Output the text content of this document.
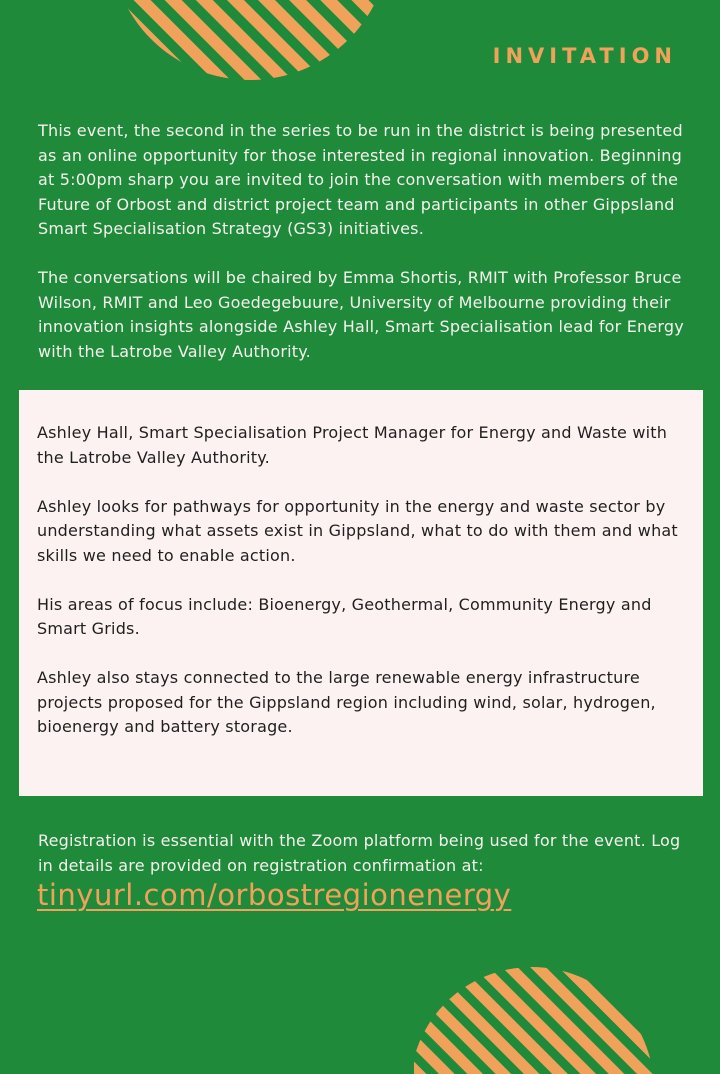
INVITATION

This event, the second in the series to be run in the district is being presented as an online opportunity for those interested in regional innovation. Beginning at 5:00pm sharp you are invited to join the conversation with members of the Future of Orbost and district project team and participants in other Gippsland Smart Specialisation Strategy (GS3) initiatives.

The conversations will be chaired by Emma Shortis, RMIT with Professor Bruce Wilson, RMIT and Leo Goedegebuure, University of Melbourne providing their innovation insights alongside Ashley Hall, Smart Specialisation lead for Energy with the Latrobe Valley Authority.

Ashley Hall, Smart Specialisation Project Manager for Energy and Waste with the Latrobe Valley Authority.

Ashley looks for pathways for opportunity in the energy and waste sector by understanding what assets exist in Gippsland, what to do with them and what skills we need to enable action.

His areas of focus include: Bioenergy, Geothermal, Community Energy and Smart Grids.

Ashley also stays connected to the large renewable energy infrastructure projects proposed for the Gippsland region including wind, solar, hydrogen, bioenergy and battery storage.

Registration is essential with the Zoom platform being used for the event. Log in details are provided on registration confirmation at:

tinyurl.com/orbostregionenergy
